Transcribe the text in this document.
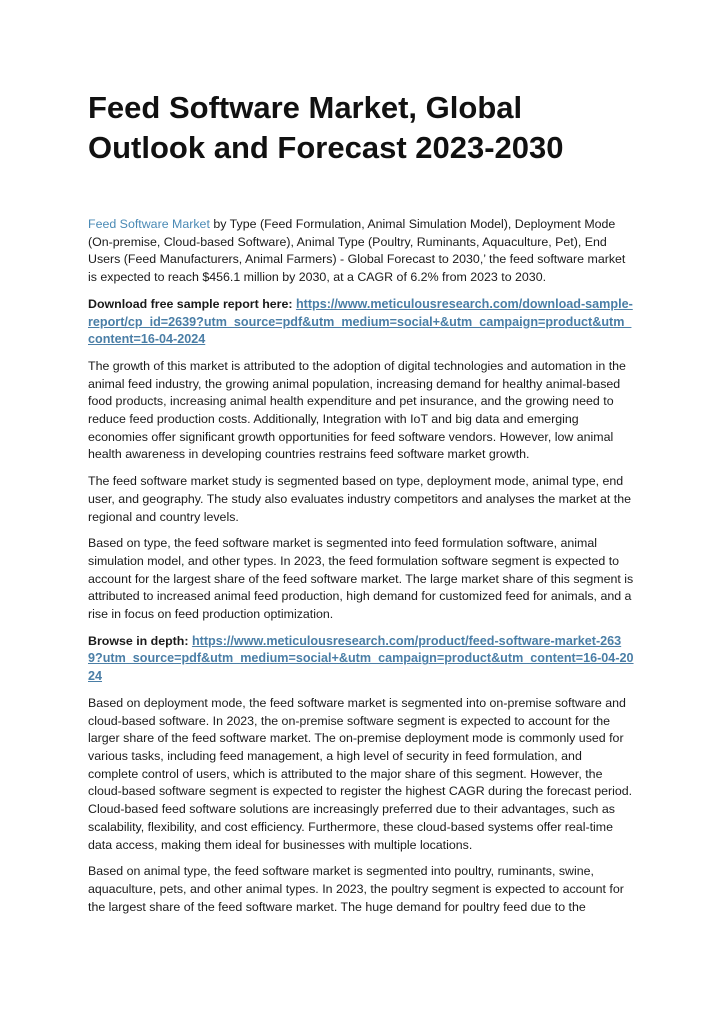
Feed Software Market, Global Outlook and Forecast 2023-2030

Feed Software Market by Type (Feed Formulation, Animal Simulation Model), Deployment Mode (On-premise, Cloud-based Software), Animal Type (Poultry, Ruminants, Aquaculture, Pet), End Users (Feed Manufacturers, Animal Farmers) - Global Forecast to 2030,’ the feed software market is expected to reach $456.1 million by 2030, at a CAGR of 6.2% from 2023 to 2030.

Download free sample report here: https://www.meticulousresearch.com/download-sample-report/cp_id=2639?utm_source=pdf&utm_medium=social+&utm_campaign=product&utm_content=16-04-2024

The growth of this market is attributed to the adoption of digital technologies and automation in the animal feed industry, the growing animal population, increasing demand for healthy animal-based food products, increasing animal health expenditure and pet insurance, and the growing need to reduce feed production costs. Additionally, Integration with IoT and big data and emerging economies offer significant growth opportunities for feed software vendors. However, low animal health awareness in developing countries restrains feed software market growth.

The feed software market study is segmented based on type, deployment mode, animal type, end user, and geography. The study also evaluates industry competitors and analyses the market at the regional and country levels.

Based on type, the feed software market is segmented into feed formulation software, animal simulation model, and other types. In 2023, the feed formulation software segment is expected to account for the largest share of the feed software market. The large market share of this segment is attributed to increased animal feed production, high demand for customized feed for animals, and a rise in focus on feed production optimization.

Browse in depth: https://www.meticulousresearch.com/product/feed-software-market-2639?utm_source=pdf&utm_medium=social+&utm_campaign=product&utm_content=16-04-2024

Based on deployment mode, the feed software market is segmented into on-premise software and cloud-based software. In 2023, the on-premise software segment is expected to account for the larger share of the feed software market. The on-premise deployment mode is commonly used for various tasks, including feed management, a high level of security in feed formulation, and complete control of users, which is attributed to the major share of this segment. However, the cloud-based software segment is expected to register the highest CAGR during the forecast period. Cloud-based feed software solutions are increasingly preferred due to their advantages, such as scalability, flexibility, and cost efficiency. Furthermore, these cloud-based systems offer real-time data access, making them ideal for businesses with multiple locations.

Based on animal type, the feed software market is segmented into poultry, ruminants, swine, aquaculture, pets, and other animal types. In 2023, the poultry segment is expected to account for the largest share of the feed software market. The huge demand for poultry feed due to the
